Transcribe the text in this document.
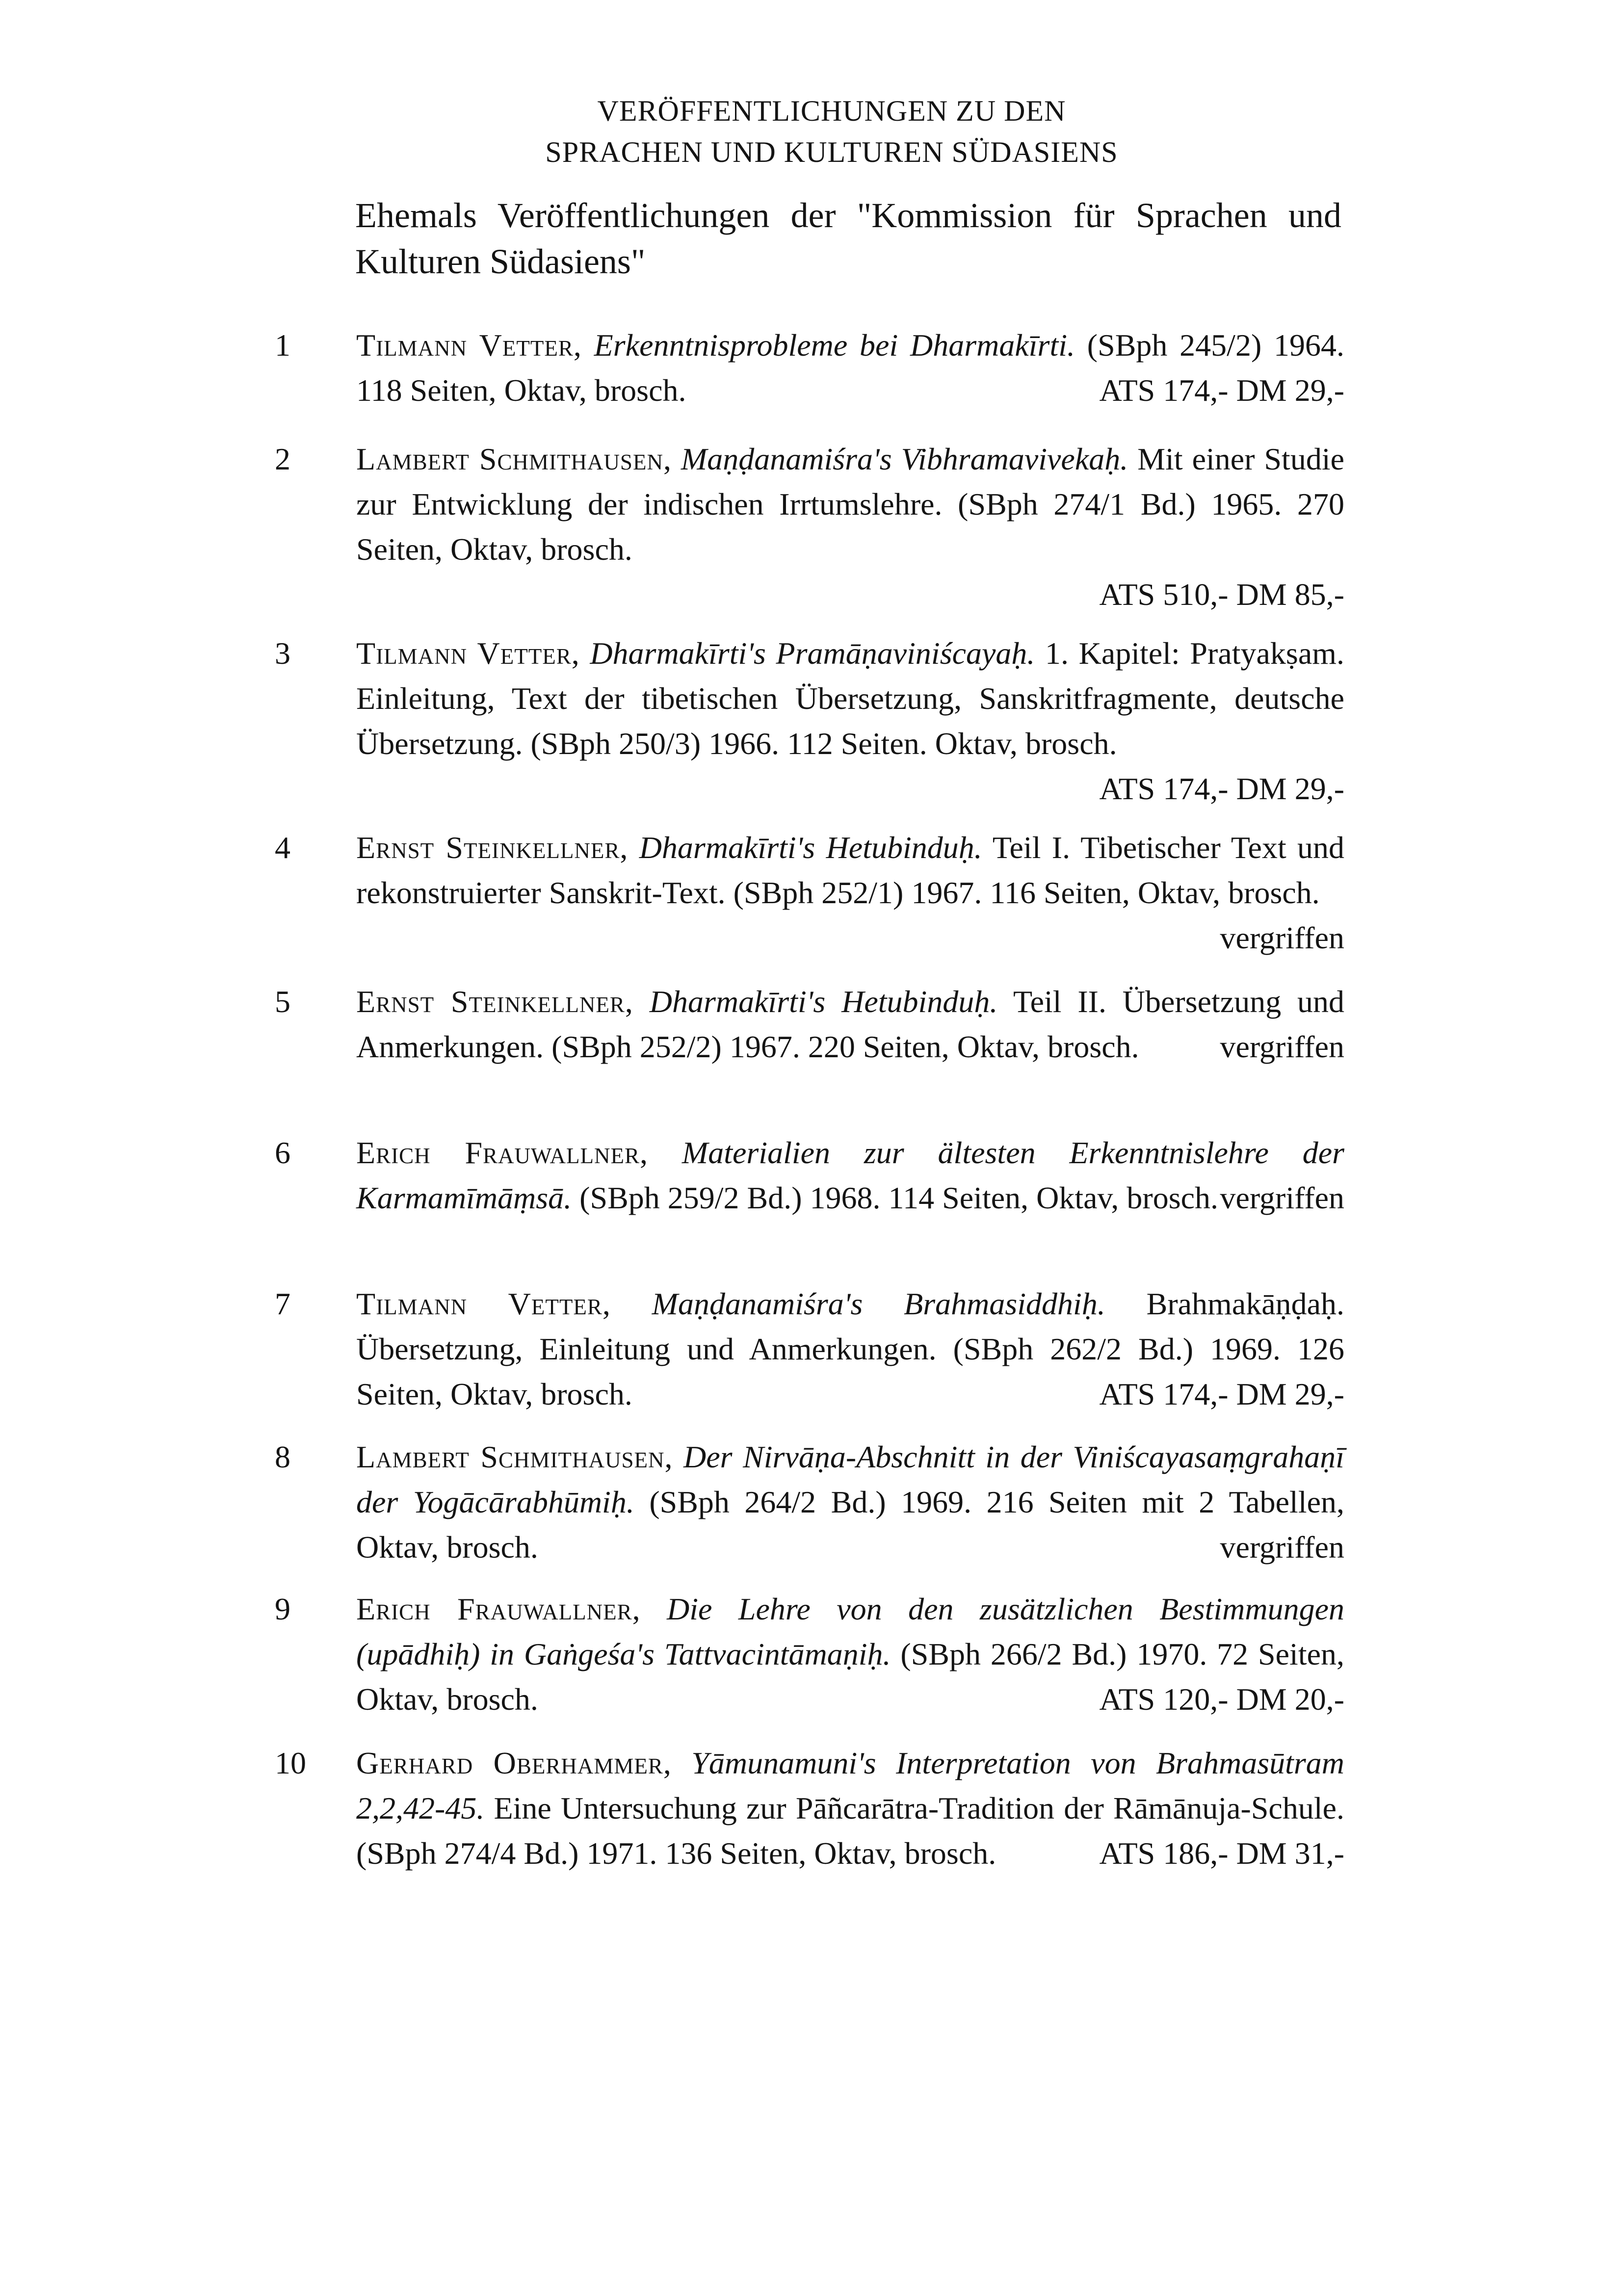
VERÖFFENTLICHUNGEN ZU DEN
SPRACHEN UND KULTUREN SÜDASIENS
Ehemals Veröffentlichungen der "Kommission für Sprachen und Kulturen Südasiens"
1	Tilmann Vetter, Erkenntnisprobleme bei Dharmakīrti. (SBph 245/2) 1964. 118 Seiten, Oktav, brosch.	ATS 174,- DM 29,-
2	Lambert Schmithausen, Maṇḍanamiśra's Vibhramavivekaḥ. Mit einer Studie zur Entwicklung der indischen Irrtumslehre. (SBph 274/1 Bd.) 1965. 270 Seiten, Oktav, brosch.
ATS 510,- DM 85,-
3	Tilmann Vetter, Dharmakīrti's Pramāṇaviniścayaḥ. 1. Kapitel: Pratyakṣam. Einleitung, Text der tibetischen Übersetzung, Sanskritfragmente, deutsche Übersetzung. (SBph 250/3) 1966. 112 Seiten. Oktav, brosch.
ATS 174,- DM 29,-
4	Ernst Steinkellner, Dharmakīrti's Hetubinduḥ. Teil I. Tibetischer Text und rekonstruierter Sanskrit-Text. (SBph 252/1) 1967. 116 Seiten, Oktav, brosch.
vergriffen
5	Ernst Steinkellner, Dharmakīrti's Hetubinduḥ. Teil II. Übersetzung und Anmerkungen. (SBph 252/2) 1967. 220 Seiten, Oktav, brosch.	vergriffen
6	Erich Frauwallner, Materialien zur ältesten Erkenntnislehre der Karmamīmāṃsā. (SBph 259/2 Bd.) 1968. 114 Seiten, Oktav, brosch. vergriffen
7	Tilmann Vetter, Maṇḍanamiśra's Brahmasiddhiḥ. Brahmakāṇḍaḥ. Übersetzung, Einleitung und Anmerkungen. (SBph 262/2 Bd.) 1969. 126 Seiten, Oktav, brosch.	ATS 174,- DM 29,-
8	Lambert Schmithausen, Der Nirvāṇa-Abschnitt in der Viniścayasaṃgrahaṇī der Yogācārabhūmiḥ. (SBph 264/2 Bd.) 1969. 216 Seiten mit 2 Tabellen, Oktav, brosch.	vergriffen
9	Erich Frauwallner, Die Lehre von den zusätzlichen Bestimmungen (upādhiḥ) in Gaṅgeśa's Tattvacintāmaṇiḥ. (SBph 266/2 Bd.) 1970. 72 Seiten, Oktav, brosch.	ATS 120,- DM 20,-
10	Gerhard Oberhammer, Yāmunamuni's Interpretation von Brahmasūtram 2,2,42-45. Eine Untersuchung zur Pāñcarātra-Tradition der Rāmānuja-Schule. (SBph 274/4 Bd.) 1971. 136 Seiten, Oktav, brosch.	ATS 186,- DM 31,-
